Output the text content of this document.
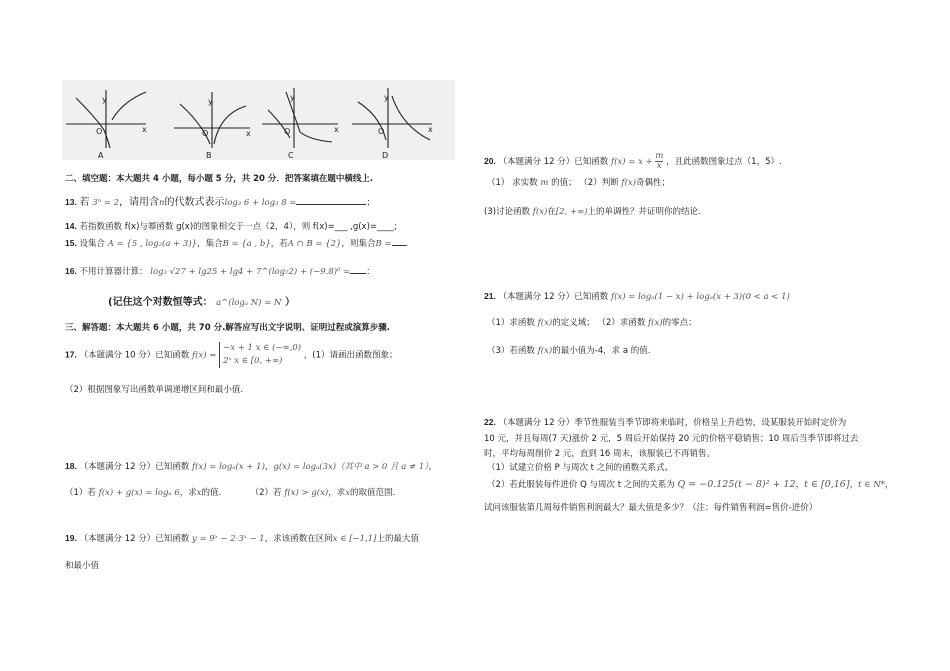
y
x
O
y
x
O
y
x
O
y
x
O
A	B	C	D
二、填空题：本大题共 4 小题，每小题 5 分，共 20 分．把答案填在题中横线上.
13. 若 3ⁿ = 2，请用含n的代数式表示log₃ 6 + log₃ 8 =	；
14. 若指数函数 f(x)与幂函数 g(x)的图象相交于一点（2，4），则 f(x)=___ ,g(x)=____;
15. 设集合 A = {5 , log₂(a + 3)}，集合B = {a , b}，若A ∩ B = {2}，则集合B = .
16. 不用计算器计算： log₃ √27 + lg25 + lg4 + 7^(log₇2) + (−9.8)⁰ = ：
(记住这个对数恒等式： a^(logₐ N) = N ）
三、解答题：本大题共 6 小题，共 70 分.解答应写出文字说明、证明过程或演算步骤.
17. （本题满分 10 分）已知函数 f(x) = −x + 1 x ∈ (−∞,0)
2ˣ x ∈ [0, +∞) ，(1）请画出函数图象；
（2）根据图象写出函数单调递增区间和最小值.
18. （本题满分 12 分）已知函数 f(x) = logₐ(x + 1)，g(x) = logₐ(3x)（其中 a > 0 且 a ≠ 1），
（1）若 f(x) + g(x) = logₐ 6，求x的值.	（2）若 f(x) > g(x)，求x的取值范围.
19. （本题满分 12 分）已知函数 y = 9ˣ − 2·3ˣ − 1，求该函数在区间x ∈ [−1,1]上的最大值
和最小值
20. （本题满分 12 分）已知函数 $f(x) = x + \frac{m}{x}$ ，且此函数图象过点（1，5）.
（1） 求实数 m 的值； （2）判断 f(x)奇偶性；
(3)讨论函数 f(x)在[2, +∞)上的单调性？并证明你的结论.
21. （本题满分 12 分）已知函数 f(x) = logₐ(1 − x) + logₐ(x + 3)(0 < a < 1)
（1）求函数 f(x)的定义域； （2）求函数 f(x)的零点；
（3）若函数 f(x)的最小值为-4，求 a 的值.
22. （本题满分 12 分）季节性服装当季节即将来临时，价格呈上升趋势，设某服装开始时定价为
10 元，并且每周(7 天)涨价 2 元，5 周后开始保持 20 元的价格平稳销售；10 周后当季节即将过去
时，平均每周削价 2 元，直到 16 周末，该服装已不再销售。
（1）试建立价格 P 与周次 t 之间的函数关系式。
（2）若此服装每件进价 Q 与周次 t 之间的关系为 Q = −0.125(t − 8)² + 12，t ∈ [0,16]，t ∈ N*，
试问该服装第几周每件销售利润最大？最大值是多少？（注：每件销售利润=售价-进价）
